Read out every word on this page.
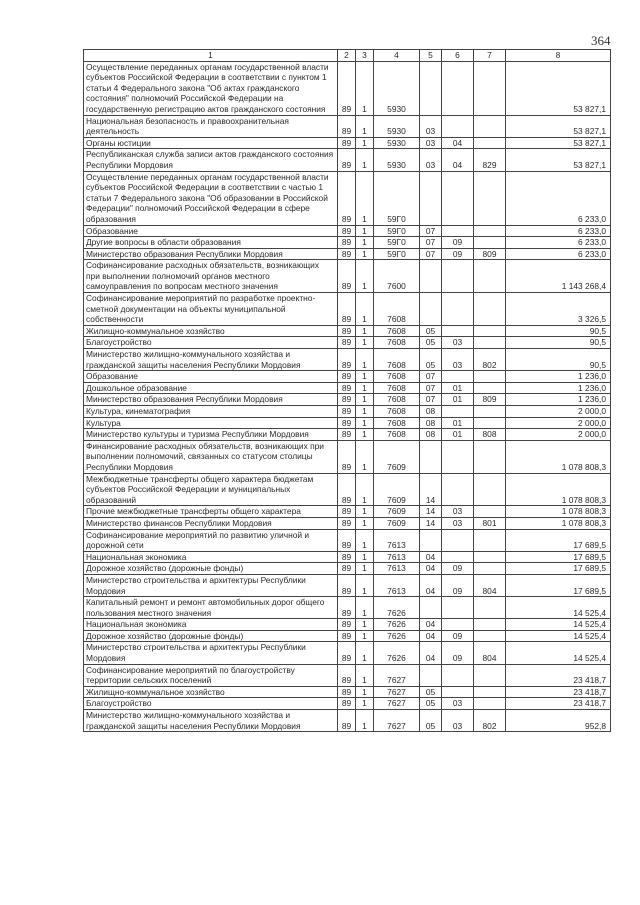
364
1	2	3	4	5	6	7	8
Осуществление переданных органам государственной власти субъектов Российской Федерации в соответствии с пунктом 1 статьи 4 Федерального закона "Об актах гражданского состояния" полномочий Российской Федерации на государственную регистрацию актов гражданского состояния	89	1	5930				53 827,1
Национальная безопасность и правоохранительная деятельность	89	1	5930	03			53 827,1
Органы юстиции	89	1	5930	03	04		53 827,1
Республиканская служба записи актов гражданского состояния Республики Мордовия	89	1	5930	03	04	829	53 827,1
Осуществление переданных органам государственной власти субъектов Российской Федерации в соответствии с частью 1 статьи 7 Федерального закона "Об образовании в Российской Федерации" полномочий Российской Федерации в сфере образования	89	1	59Г0				6 233,0
Образование	89	1	59Г0	07			6 233,0
Другие вопросы в области образования	89	1	59Г0	07	09		6 233,0
Министерство образования Республики Мордовия	89	1	59Г0	07	09	809	6 233,0
Софинансирование расходных обязательств, возникающих при выполнении полномочий органов местного самоуправления по вопросам местного значения	89	1	7600				1 143 268,4
Софинансирование мероприятий по разработке проектно-сметной документации на объекты муниципальной собственности	89	1	7608				3 326,5
Жилищно-коммунальное хозяйство	89	1	7608	05			90,5
Благоустройство	89	1	7608	05	03		90,5
Министерство жилищно-коммунального хозяйства и гражданской защиты населения Республики Мордовия	89	1	7608	05	03	802	90,5
Образование	89	1	7608	07			1 236,0
Дошкольное образование	89	1	7608	07	01		1 236,0
Министерство образования Республики Мордовия	89	1	7608	07	01	809	1 236,0
Культура, кинематография	89	1	7608	08			2 000,0
Культура	89	1	7608	08	01		2 000,0
Министерство культуры и туризма Республики Мордовия	89	1	7608	08	01	808	2 000,0
Финансирование расходных обязательств, возникающих при выполнении полномочий, связанных со статусом столицы Республики Мордовия	89	1	7609				1 078 808,3
Межбюджетные трансферты общего характера бюджетам субъектов Российской Федерации и муниципальных образований	89	1	7609	14			1 078 808,3
Прочие межбюджетные трансферты общего характера	89	1	7609	14	03		1 078 808,3
Министерство финансов Республики Мордовия	89	1	7609	14	03	801	1 078 808,3
Софинансирование мероприятий по развитию уличной и дорожной сети	89	1	7613				17 689,5
Национальная экономика	89	1	7613	04			17 689,5
Дорожное хозяйство (дорожные фонды)	89	1	7613	04	09		17 689,5
Министерство строительства и архитектуры Республики Мордовия	89	1	7613	04	09	804	17 689,5
Капитальный ремонт и ремонт автомобильных дорог общего пользования местного значения	89	1	7626				14 525,4
Национальная экономика	89	1	7626	04			14 525,4
Дорожное хозяйство (дорожные фонды)	89	1	7626	04	09		14 525,4
Министерство строительства и архитектуры Республики Мордовия	89	1	7626	04	09	804	14 525,4
Софинансирование мероприятий по благоустройству территории сельских поселений	89	1	7627				23 418,7
Жилищно-коммунальное хозяйство	89	1	7627	05			23 418,7
Благоустройство	89	1	7627	05	03		23 418,7
Министерство жилищно-коммунального хозяйства и гражданской защиты населения Республики Мордовия	89	1	7627	05	03	802	952,8
